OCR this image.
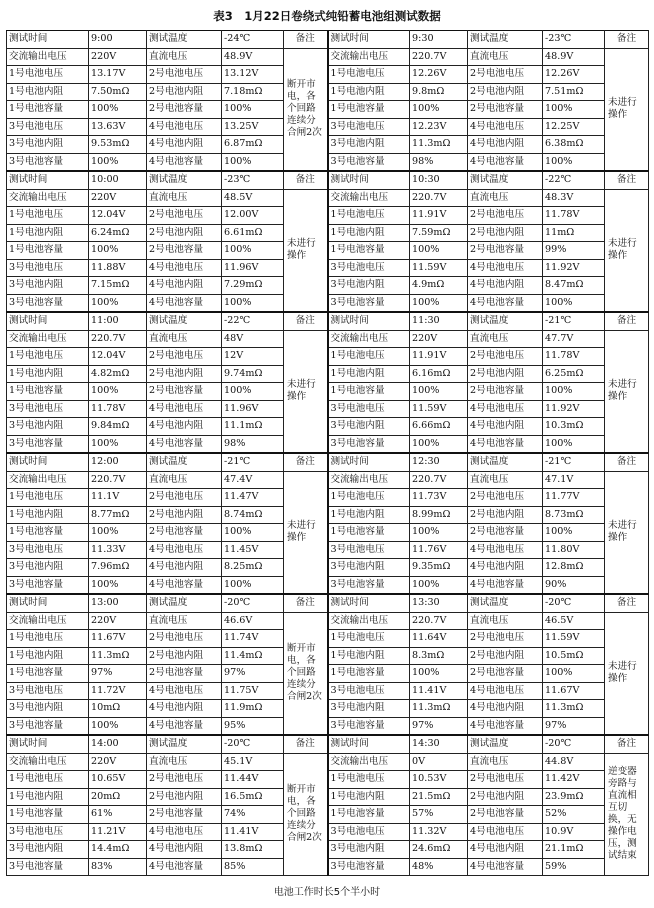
表3　1月22日卷绕式纯铅蓄电池组测试数据
测试时间	9:00	测试温度	-24℃	备注	测试时间	9:30	测试温度	-23℃	备注
交流输出电压	220V	直流电压	48.9V	断开市电，各个回路连续分合闸2次	交流输出电压	220.7V	直流电压	48.9V	未进行操作
1号电池电压	13.17V	2号电池电压	13.12V		1号电池电压	12.26V	2号电池电压	12.26V	
1号电池内阻	7.50mΩ	2号电池内阻	7.18mΩ		1号电池内阻	9.8mΩ	2号电池内阻	7.51mΩ	
1号电池容量	100%	2号电池容量	100%		1号电池容量	100%	2号电池容量	100%	
3号电池电压	13.63V	4号电池电压	13.25V		3号电池电压	12.23V	4号电池电压	12.25V	
3号电池内阻	9.53mΩ	4号电池内阻	6.87mΩ		3号电池内阻	11.3mΩ	4号电池内阻	6.38mΩ	
3号电池容量	100%	4号电池容量	100%		3号电池容量	98%	4号电池容量	100%	
测试时间	10:00	测试温度	-23℃	备注	测试时间	10:30	测试温度	-22℃	备注
交流输出电压	220V	直流电压	48.5V	未进行操作	交流输出电压	220.7V	直流电压	48.3V	未进行操作
1号电池电压	12.04V	2号电池电压	12.00V		1号电池电压	11.91V	2号电池电压	11.78V	
1号电池内阻	6.24mΩ	2号电池内阻	6.61mΩ		1号电池内阻	7.59mΩ	2号电池内阻	11mΩ	
1号电池容量	100%	2号电池容量	100%		1号电池容量	100%	2号电池容量	99%	
3号电池电压	11.88V	4号电池电压	11.96V		3号电池电压	11.59V	4号电池电压	11.92V	
3号电池内阻	7.15mΩ	4号电池内阻	7.29mΩ		3号电池内阻	4.9mΩ	4号电池内阻	8.47mΩ	
3号电池容量	100%	4号电池容量	100%		3号电池容量	100%	4号电池容量	100%	
测试时间	11:00	测试温度	-22℃	备注	测试时间	11:30	测试温度	-21℃	备注
交流输出电压	220.7V	直流电压	48V	未进行操作	交流输出电压	220V	直流电压	47.7V	未进行操作
1号电池电压	12.04V	2号电池电压	12V		1号电池电压	11.91V	2号电池电压	11.78V	
1号电池内阻	4.82mΩ	2号电池内阻	9.74mΩ		1号电池内阻	6.16mΩ	2号电池内阻	6.25mΩ	
1号电池容量	100%	2号电池容量	100%		1号电池容量	100%	2号电池容量	100%	
3号电池电压	11.78V	4号电池电压	11.96V		3号电池电压	11.59V	4号电池电压	11.92V	
3号电池内阻	9.84mΩ	4号电池内阻	11.1mΩ		3号电池内阻	6.66mΩ	4号电池内阻	10.3mΩ	
3号电池容量	100%	4号电池容量	98%		3号电池容量	100%	4号电池容量	100%	
测试时间	12:00	测试温度	-21℃	备注	测试时间	12:30	测试温度	-21℃	备注
交流输出电压	220.7V	直流电压	47.4V	未进行操作	交流输出电压	220.7V	直流电压	47.1V	未进行操作
1号电池电压	11.1V	2号电池电压	11.47V		1号电池电压	11.73V	2号电池电压	11.77V	
1号电池内阻	8.77mΩ	2号电池内阻	8.74mΩ		1号电池内阻	8.99mΩ	2号电池内阻	8.73mΩ	
1号电池容量	100%	2号电池容量	100%		1号电池容量	100%	2号电池容量	100%	
3号电池电压	11.33V	4号电池电压	11.45V		3号电池电压	11.76V	4号电池电压	11.80V	
3号电池内阻	7.96mΩ	4号电池内阻	8.25mΩ		3号电池内阻	9.35mΩ	4号电池内阻	12.8mΩ	
3号电池容量	100%	4号电池容量	100%		3号电池容量	100%	4号电池容量	90%	
测试时间	13:00	测试温度	-20℃	备注	测试时间	13:30	测试温度	-20℃	备注
交流输出电压	220V	直流电压	46.6V	断开市电，各个回路连续分合闸2次	交流输出电压	220.7V	直流电压	46.5V	未进行操作
1号电池电压	11.67V	2号电池电压	11.74V		1号电池电压	11.64V	2号电池电压	11.59V	
1号电池内阻	11.3mΩ	2号电池内阻	11.4mΩ		1号电池内阻	8.3mΩ	2号电池内阻	10.5mΩ	
1号电池容量	97%	2号电池容量	97%		1号电池容量	100%	2号电池容量	100%	
3号电池电压	11.72V	4号电池电压	11.75V		3号电池电压	11.41V	4号电池电压	11.67V	
3号电池内阻	10mΩ	4号电池内阻	11.9mΩ		3号电池内阻	11.3mΩ	4号电池内阻	11.3mΩ	
3号电池容量	100%	4号电池容量	95%		3号电池容量	97%	4号电池容量	97%	
测试时间	14:00	测试温度	-20℃	备注	测试时间	14:30	测试温度	-20℃	备注
交流输出电压	220V	直流电压	45.1V	断开市电，各个回路连续分合闸2次	交流输出电压	0V	直流电压	44.8V	逆变器旁路与直流相互切换，无操作电压，测试结束
1号电池电压	10.65V	2号电池电压	11.44V		1号电池电压	10.53V	2号电池电压	11.42V	
1号电池内阻	20mΩ	2号电池内阻	16.5mΩ		1号电池内阻	21.5mΩ	2号电池内阻	23.9mΩ	
1号电池容量	61%	2号电池容量	74%		1号电池容量	57%	2号电池容量	52%	
3号电池电压	11.21V	4号电池电压	11.41V		3号电池电压	11.32V	4号电池电压	10.9V	
3号电池内阻	14.4mΩ	4号电池内阻	13.8mΩ		3号电池内阻	24.6mΩ	4号电池内阻	21.1mΩ	
3号电池容量	83%	4号电池容量	85%		3号电池容量	48%	4号电池容量	59%	
电池工作时长5个半小时
